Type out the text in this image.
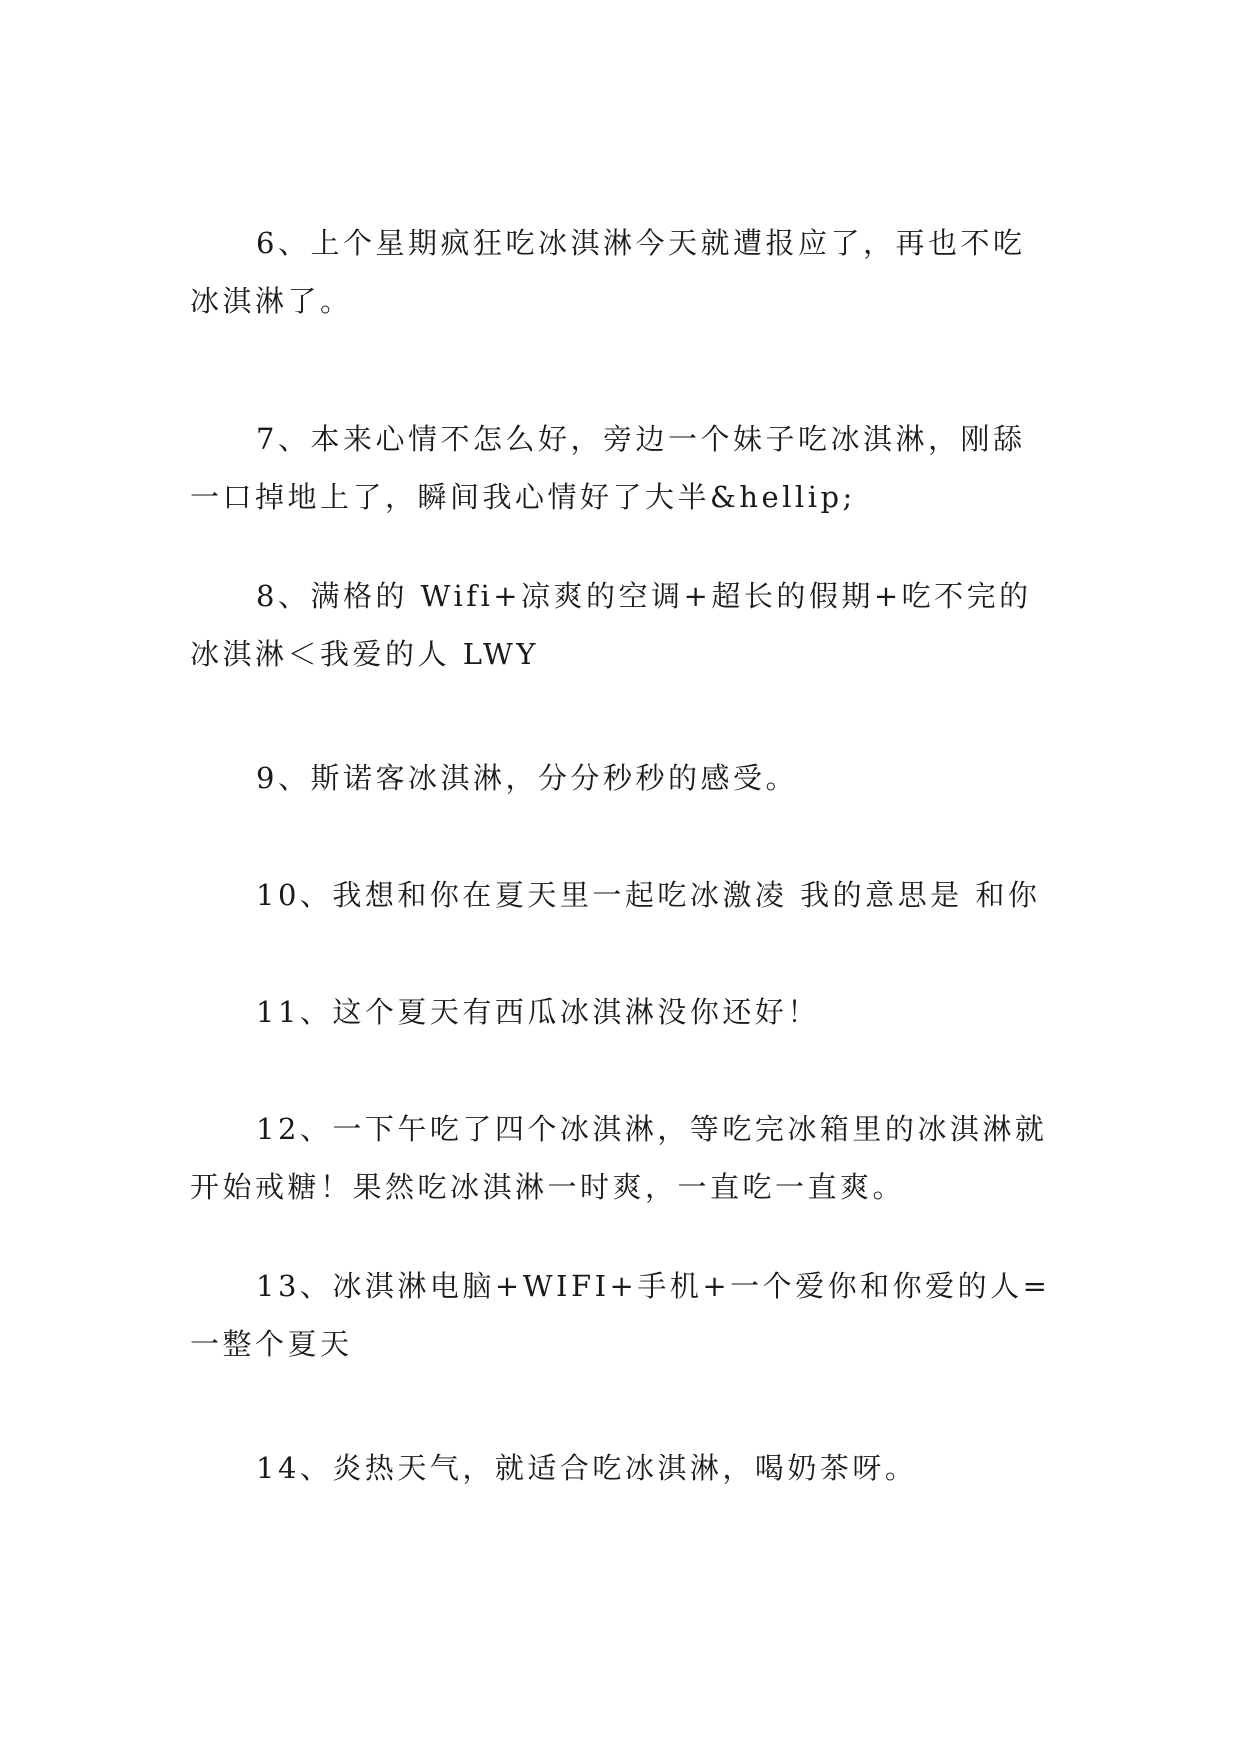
6、上个星期疯狂吃冰淇淋今天就遭报应了，再也不吃冰淇淋了。

7、本来心情不怎么好，旁边一个妹子吃冰淇淋，刚舔一口掉地上了，瞬间我心情好了大半&hellip;

8、满格的 Wifi+凉爽的空调+超长的假期+吃不完的冰淇淋＜我爱的人 LWY

9、斯诺客冰淇淋，分分秒秒的感受。

10、我想和你在夏天里一起吃冰激凌 我的意思是 和你

11、这个夏天有西瓜冰淇淋没你还好！

12、一下午吃了四个冰淇淋，等吃完冰箱里的冰淇淋就开始戒糖！果然吃冰淇淋一时爽，一直吃一直爽。

13、冰淇淋电脑+WIFI+手机+一个爱你和你爱的人=一整个夏天

14、炎热天气，就适合吃冰淇淋，喝奶茶呀。
